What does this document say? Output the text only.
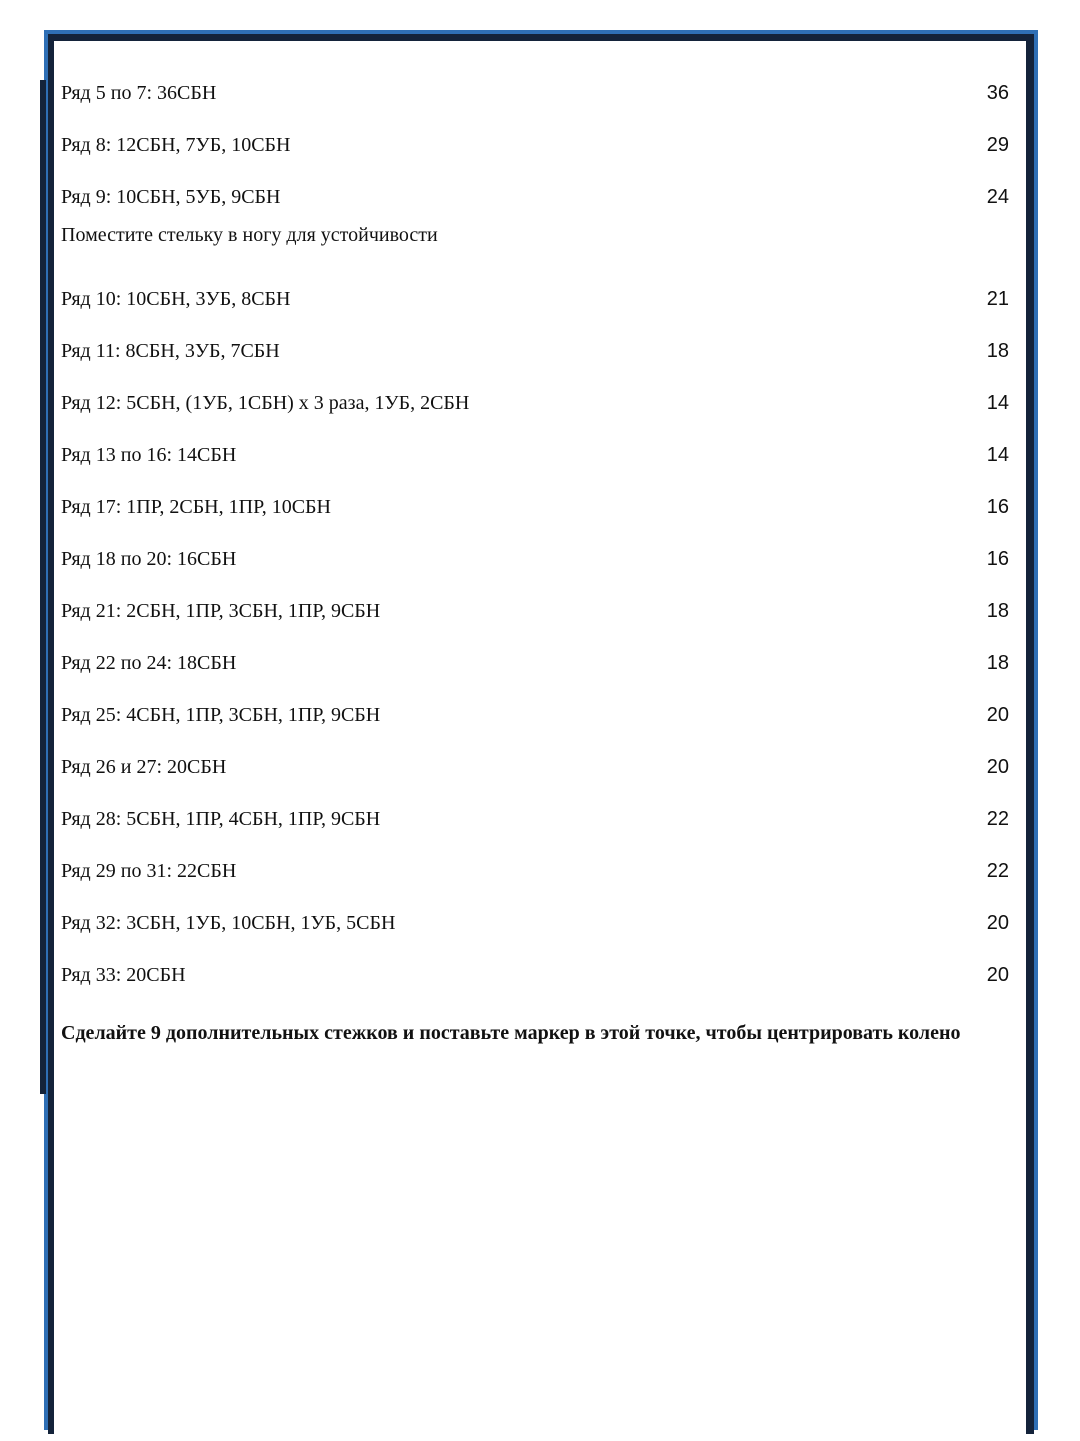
Ряд 5 по 7: 36СБН	36
Ряд 8: 12СБН, 7УБ, 10СБН	29
Ряд 9: 10СБН, 5УБ, 9СБН	24
Поместите стельку в ногу для устойчивости
Ряд 10: 10СБН, 3УБ, 8СБН	21
Ряд 11: 8СБН, 3УБ, 7СБН	18
Ряд 12: 5СБН, (1УБ, 1СБН) х 3 раза, 1УБ, 2СБН	14
Ряд 13 по 16: 14СБН	14
Ряд 17: 1ПР, 2СБН, 1ПР, 10СБН	16
Ряд 18 по 20: 16СБН	16
Ряд 21: 2СБН, 1ПР, 3СБН, 1ПР, 9СБН	18
Ряд 22 по 24: 18СБН	18
Ряд 25: 4СБН, 1ПР, 3СБН, 1ПР, 9СБН	20
Ряд 26 и 27: 20СБН	20
Ряд 28: 5СБН, 1ПР, 4СБН, 1ПР, 9СБН	22
Ряд 29 по 31: 22СБН	22
Ряд 32: 3СБН, 1УБ, 10СБН, 1УБ, 5СБН	20
Ряд 33: 20СБН	20
Сделайте 9 дополнительных стежков и поставьте маркер в этой точке, чтобы центрировать колено
